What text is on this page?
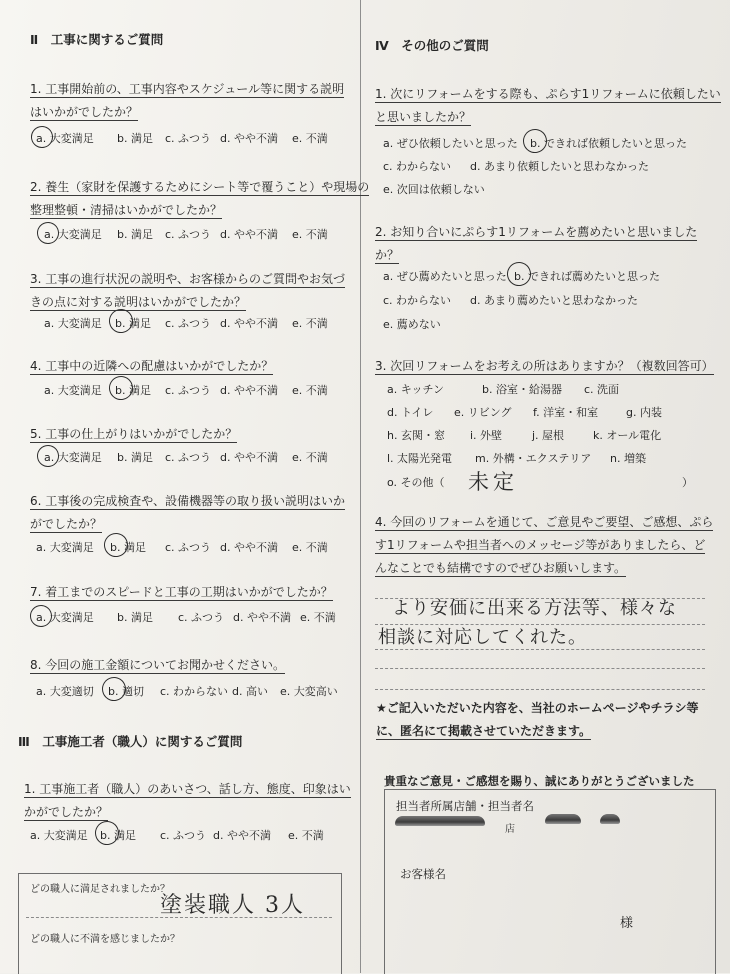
Ⅱ　工事に関するご質問
1. 工事開始前の、工事内容やスケジュール等に関する説明
はいかがでしたか？
a. 大変満足 b. 満足 c. ふつう d. やや不満 e. 不満
2. 養生（家財を保護するためにシート等で覆うこと）や現場の
整理整頓・清掃はいかがでしたか？
a. 大変満足 b. 満足 c. ふつう d. やや不満 e. 不満
3. 工事の進行状況の説明や、お客様からのご質問やお気づ
きの点に対する説明はいかがでしたか？
a. 大変満足 b. 満足 c. ふつう d. やや不満 e. 不満
4. 工事中の近隣への配慮はいかがでしたか？
a. 大変満足 b. 満足 c. ふつう d. やや不満 e. 不満
5. 工事の仕上がりはいかがでしたか？
a. 大変満足 b. 満足 c. ふつう d. やや不満 e. 不満
6. 工事後の完成検査や、設備機器等の取り扱い説明はいか
がでしたか？
a. 大変満足 b. 満足 c. ふつう d. やや不満 e. 不満
7. 着工までのスピードと工事の工期はいかがでしたか？
a. 大変満足 b. 満足 c. ふつう d. やや不満 e. 不満
8. 今回の施工金額についてお聞かせください。
a. 大変適切 b. 適切 c. わからない d. 高い e. 大変高い
Ⅲ　工事施工者（職人）に関するご質問
1. 工事施工者（職人）のあいさつ、話し方、態度、印象はい
かがでしたか？
a. 大変満足 b. 満足 c. ふつう d. やや不満 e. 不満
どの職人に満足されましたか？
塗装職人 3人
どの職人に不満を感じましたか？
Ⅳ　その他のご質問
1. 次にリフォームをする際も、ぷらす1リフォームに依頼したい
と思いましたか？
a. ぜひ依頼したいと思った b. できれば依頼したいと思った
c. わからない d. あまり依頼したいと思わなかった
e. 次回は依頼しない
2. お知り合いにぷらす1リフォームを薦めたいと思いました
か？
a. ぜひ薦めたいと思った b. できれば薦めたいと思った
c. わからない d. あまり薦めたいと思わなかった
e. 薦めない
3. 次回リフォームをお考えの所はありますか？（複数回答可）
a. キッチン	b. 浴室・給湯器 c. 洗面
d. トイレ e. リビング f. 洋室・和室	g. 内装
h. 玄関・窓 i. 外壁	j. 屋根	k. オール電化
l. 太陽光発電 m. 外構・エクステリア n. 増築
o. その他（ 未定	）
4. 今回のリフォームを通じて、ご意見やご要望、ご感想、ぷら
す1リフォームや担当者へのメッセージ等がありましたら、ど
んなことでも結構ですのでぜひお願いします。
より安価に出来る方法等、様々な
相談に対応してくれた。
★ご記入いただいた内容を、当社のホームページやチラシ等
に、匿名にて掲載させていただきます。
貴重なご意見・ご感想を賜り、誠にありがとうございました
担当者所属店舗・担当者名
店
お客様名
様
